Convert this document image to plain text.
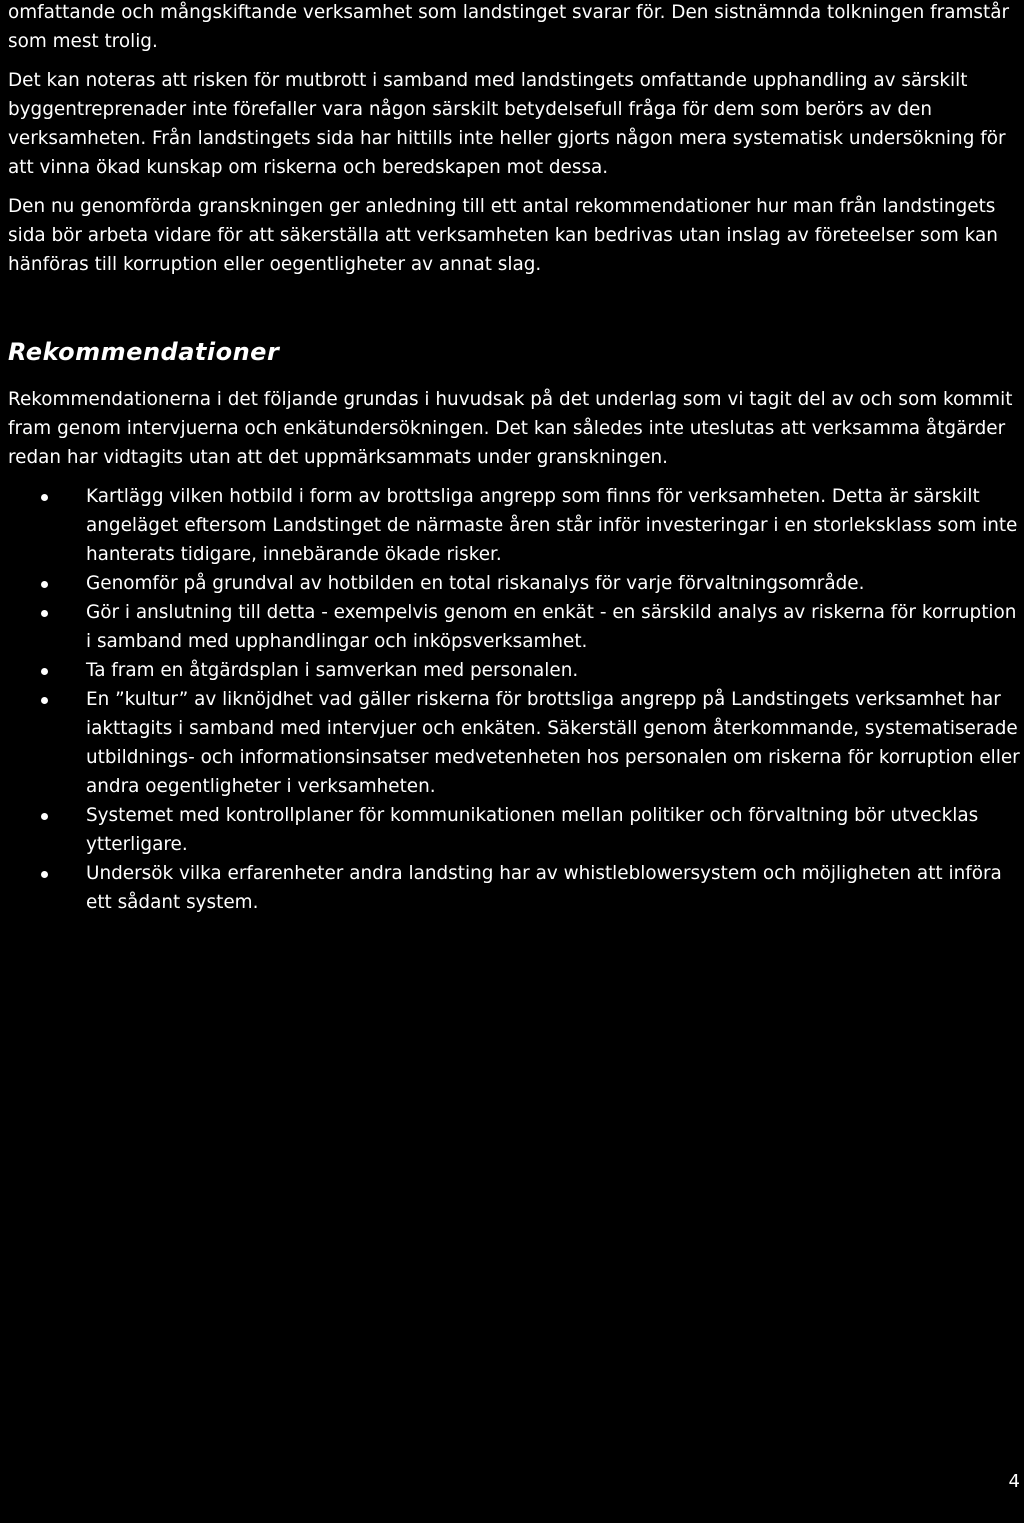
omfattande och mångskiftande verksamhet som landstinget svarar för. Den sistnämnda tolkningen framstår som mest trolig.

Det kan noteras att risken för mutbrott i samband med landstingets omfattande upphandling av särskilt byggentreprenader inte förefaller vara någon särskilt betydelsefull fråga för dem som berörs av den verksamheten. Från landstingets sida har hittills inte heller gjorts någon mera systematisk undersökning för att vinna ökad kunskap om riskerna och beredskapen mot dessa.

Den nu genomförda granskningen ger anledning till ett antal rekommendationer hur man från landstingets sida bör arbeta vidare för att säkerställa att verksamheten kan bedrivas utan inslag av företeelser som kan hänföras till korruption eller oegentligheter av annat slag.

Rekommendationer

Rekommendationerna i det följande grundas i huvudsak på det underlag som vi tagit del av och som kommit fram genom intervjuerna och enkätundersökningen. Det kan således inte uteslutas att verksamma åtgärder redan har vidtagits utan att det uppmärksammats under granskningen.

Kartlägg vilken hotbild i form av brottsliga angrepp som finns för verksamheten. Detta är särskilt angeläget eftersom Landstinget de närmaste åren står inför investeringar i en storleksklass som inte hanterats tidigare, innebärande ökade risker.
Genomför på grundval av hotbilden en total riskanalys för varje förvaltningsområde.
Gör i anslutning till detta - exempelvis genom en enkät - en särskild analys av riskerna för korruption i samband med upphandlingar och inköpsverksamhet.
Ta fram en åtgärdsplan i samverkan med personalen.
En ”kultur” av liknöjdhet vad gäller riskerna för brottsliga angrepp på Landstingets verksamhet har iakttagits i samband med intervjuer och enkäten. Säkerställ genom återkommande, systematiserade utbildnings- och informationsinsatser medvetenheten hos personalen om riskerna för korruption eller andra oegentligheter i verksamheten.
Systemet med kontrollplaner för kommunikationen mellan politiker och förvaltning bör utvecklas ytterligare.
Undersök vilka erfarenheter andra landsting har av whistleblowersystem och möjligheten att införa ett sådant system.
4
